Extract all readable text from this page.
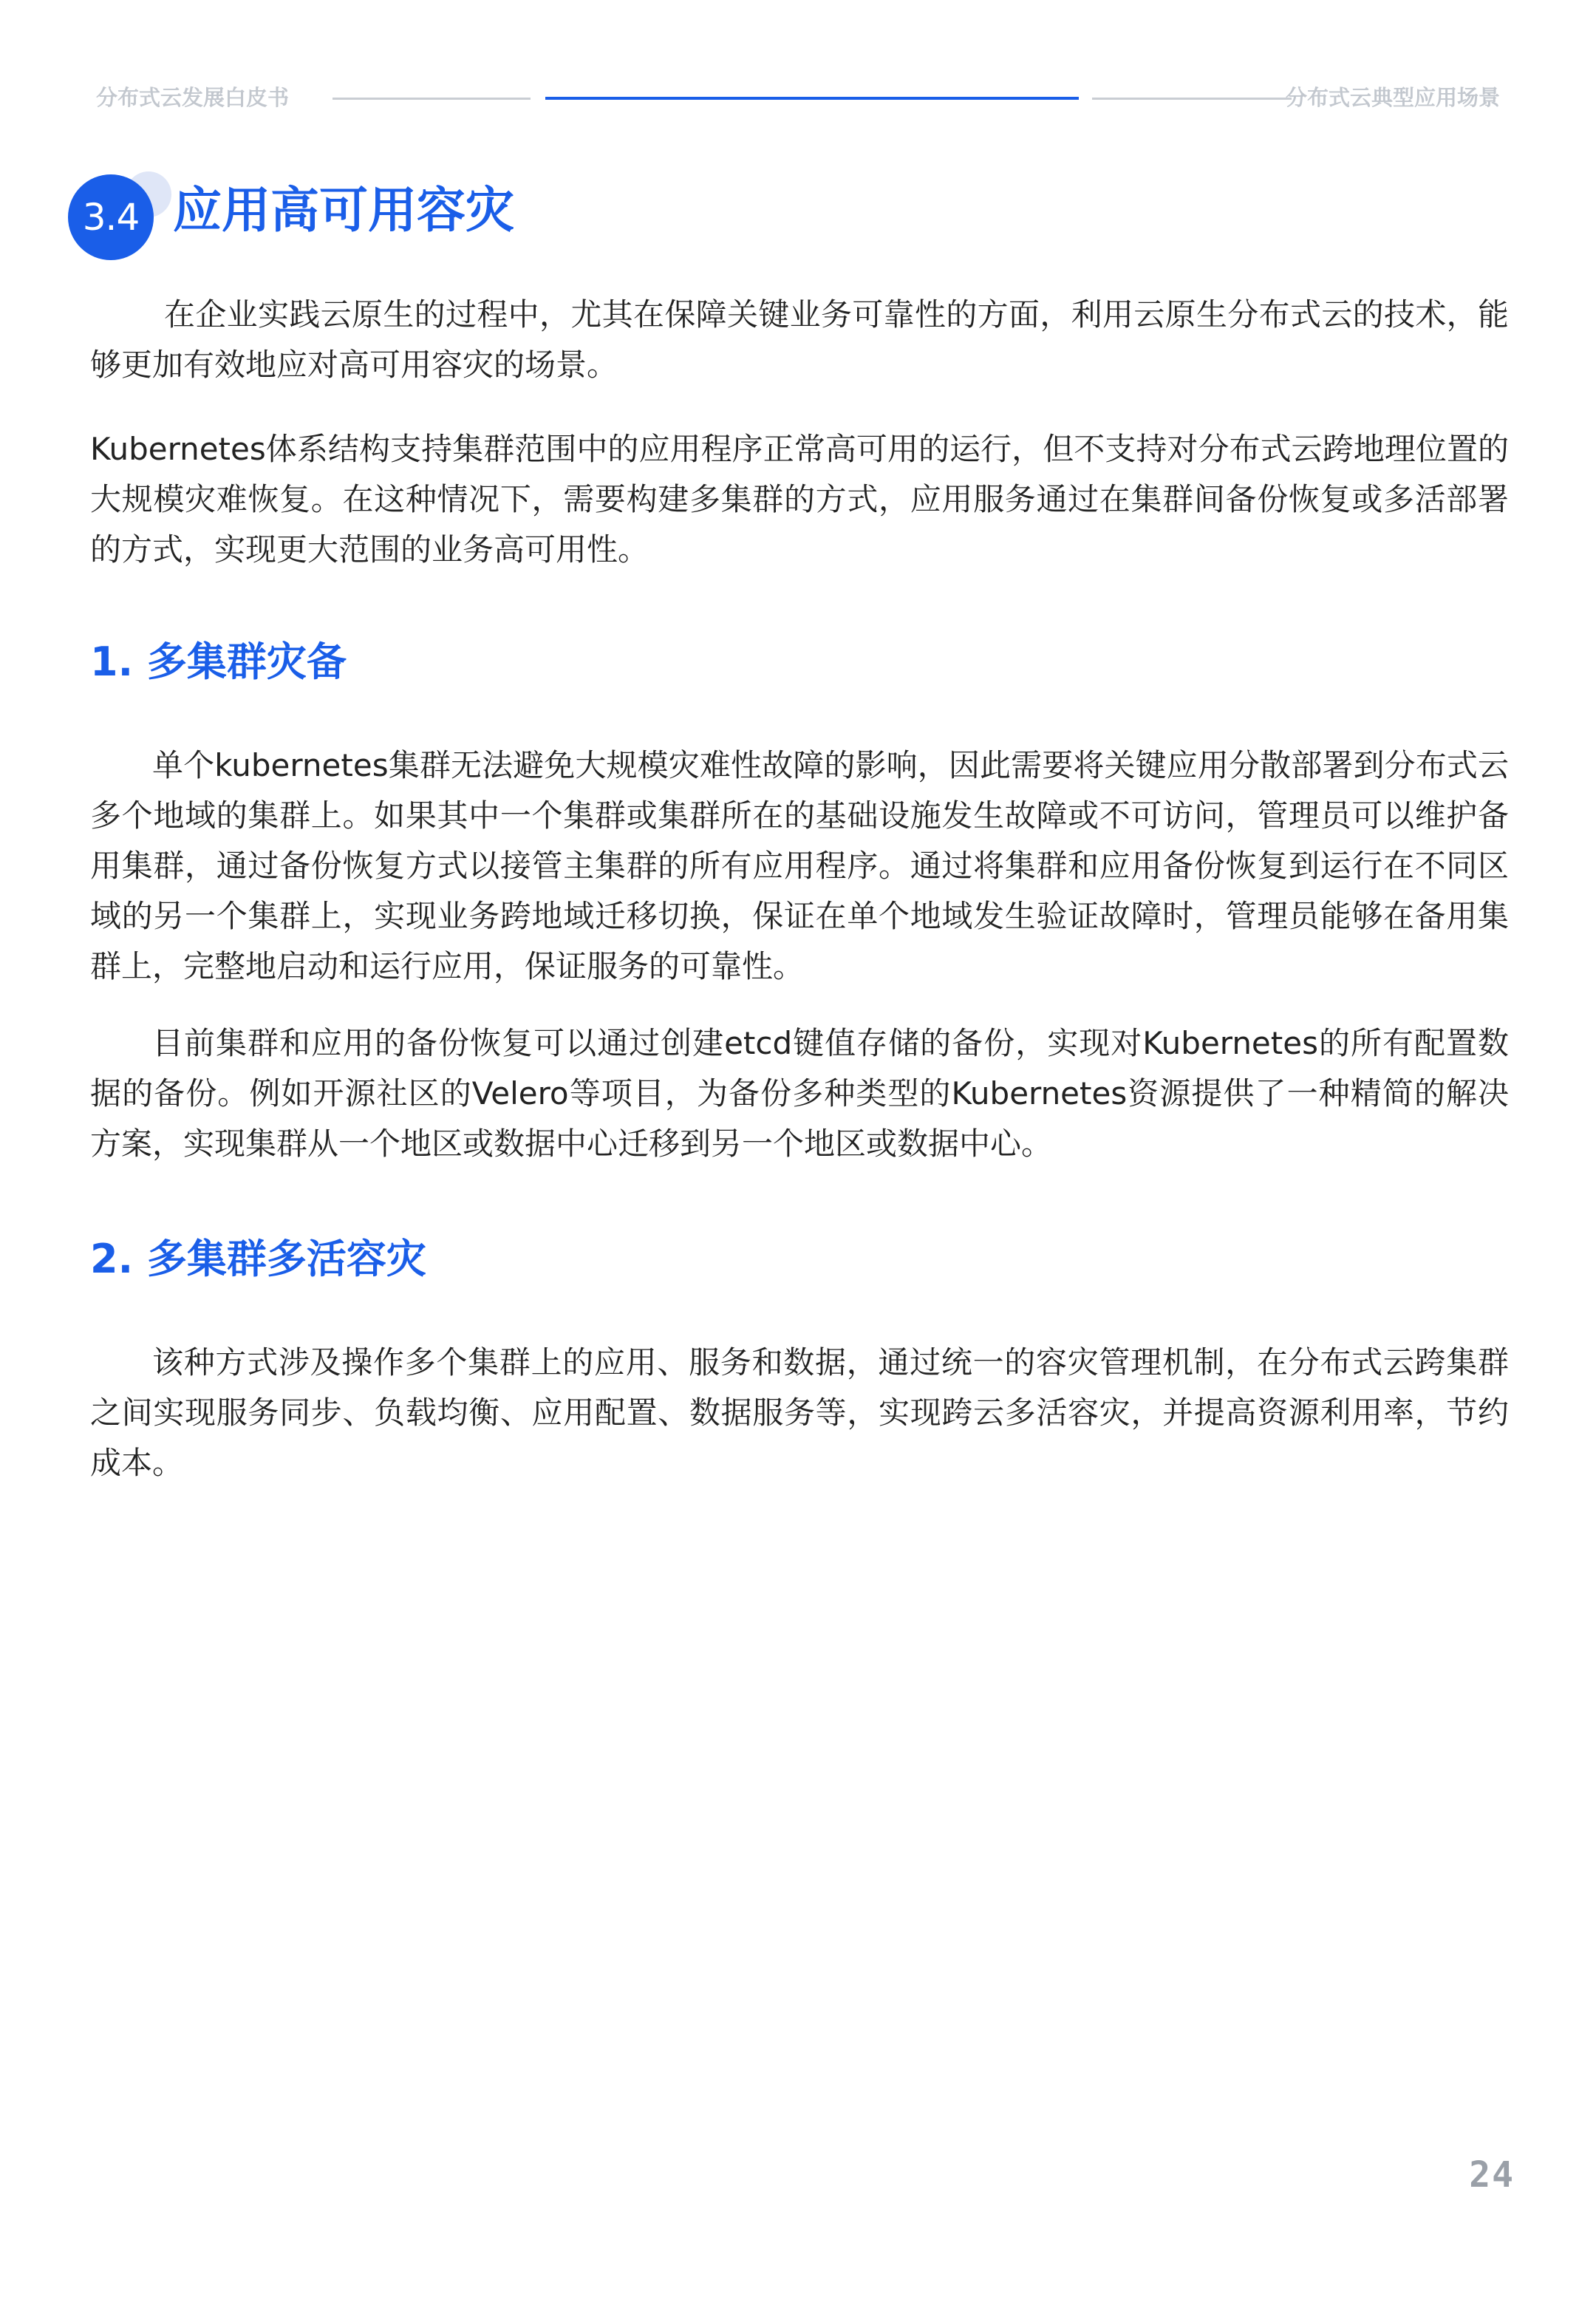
分布式云发展白皮书	分布式云典型应用场景
3.4 应用高可用容灾

在企业实践云原生的过程中，尤其在保障关键业务可靠性的方面，利用云原生分布式云的技术，能够更加有效地应对高可用容灾的场景。

Kubernetes体系结构支持集群范围中的应用程序正常高可用的运行，但不支持对分布式云跨地理位置的大规模灾难恢复。在这种情况下，需要构建多集群的方式，应用服务通过在集群间备份恢复或多活部署的方式，实现更大范围的业务高可用性。

1. 多集群灾备

单个kubernetes集群无法避免大规模灾难性故障的影响，因此需要将关键应用分散部署到分布式云多个地域的集群上。如果其中一个集群或集群所在的基础设施发生故障或不可访问，管理员可以维护备用集群，通过备份恢复方式以接管主集群的所有应用程序。通过将集群和应用备份恢复到运行在不同区域的另一个集群上，实现业务跨地域迁移切换，保证在单个地域发生验证故障时，管理员能够在备用集群上，完整地启动和运行应用，保证服务的可靠性。

目前集群和应用的备份恢复可以通过创建etcd键值存储的备份，实现对Kubernetes的所有配置数据的备份。例如开源社区的Velero等项目，为备份多种类型的Kubernetes资源提供了一种精简的解决方案，实现集群从一个地区或数据中心迁移到另一个地区或数据中心。

2. 多集群多活容灾

该种方式涉及操作多个集群上的应用、服务和数据，通过统一的容灾管理机制，在分布式云跨集群之间实现服务同步、负载均衡、应用配置、数据服务等，实现跨云多活容灾，并提高资源利用率，节约成本。

24
